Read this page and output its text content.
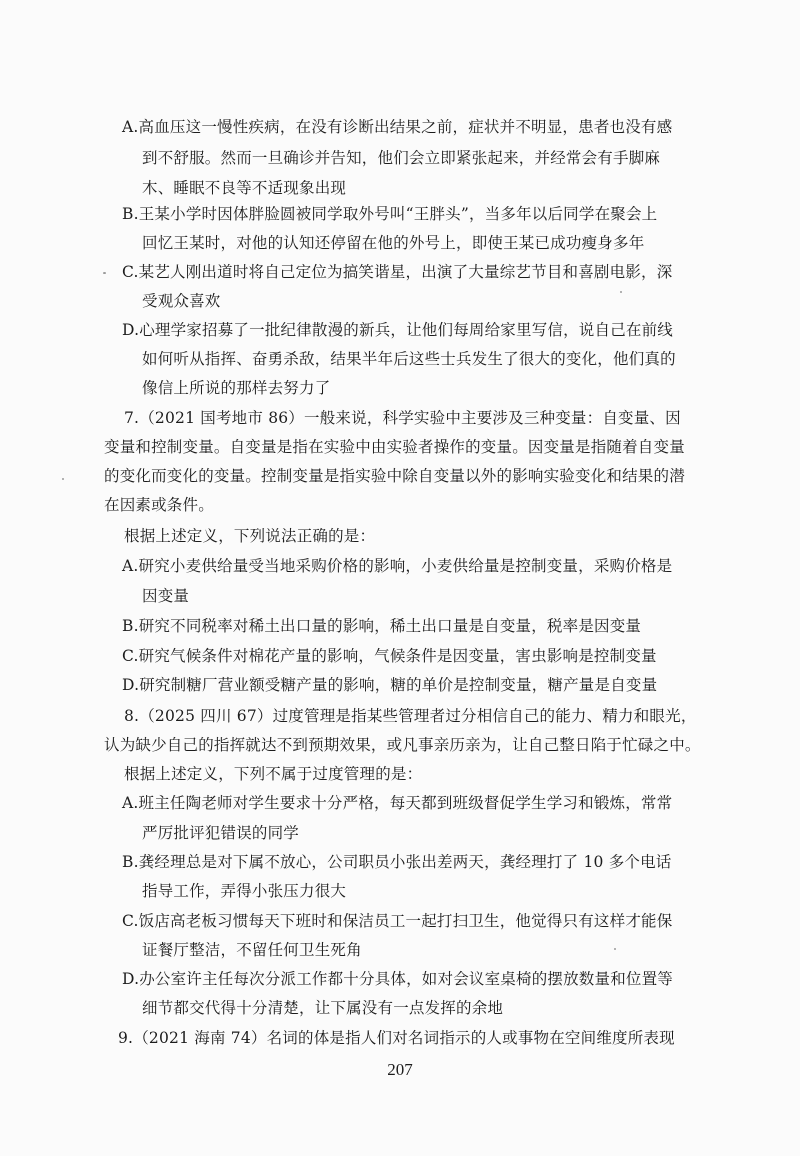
A.高血压这一慢性疾病，在没有诊断出结果之前，症状并不明显，患者也没有感
到不舒服。然而一旦确诊并告知，他们会立即紧张起来，并经常会有手脚麻
木、睡眠不良等不适现象出现
B.王某小学时因体胖脸圆被同学取外号叫“王胖头”，当多年以后同学在聚会上
回忆王某时，对他的认知还停留在他的外号上，即使王某已成功瘦身多年
C.某艺人刚出道时将自己定位为搞笑谐星，出演了大量综艺节目和喜剧电影，深
受观众喜欢
D.心理学家招募了一批纪律散漫的新兵，让他们每周给家里写信，说自己在前线
如何听从指挥、奋勇杀敌，结果半年后这些士兵发生了很大的变化，他们真的
像信上所说的那样去努力了
7.（2021 国考地市 86）一般来说，科学实验中主要涉及三种变量：自变量、因
变量和控制变量。自变量是指在实验中由实验者操作的变量。因变量是指随着自变量
的变化而变化的变量。控制变量是指实验中除自变量以外的影响实验变化和结果的潜
在因素或条件。
根据上述定义，下列说法正确的是：
A.研究小麦供给量受当地采购价格的影响，小麦供给量是控制变量，采购价格是
因变量
B.研究不同税率对稀土出口量的影响，稀土出口量是自变量，税率是因变量
C.研究气候条件对棉花产量的影响，气候条件是因变量，害虫影响是控制变量
D.研究制糖厂营业额受糖产量的影响，糖的单价是控制变量，糖产量是自变量
8.（2025 四川 67）过度管理是指某些管理者过分相信自己的能力、精力和眼光，
认为缺少自己的指挥就达不到预期效果，或凡事亲历亲为，让自己整日陷于忙碌之中。
根据上述定义，下列不属于过度管理的是：
A.班主任陶老师对学生要求十分严格，每天都到班级督促学生学习和锻炼，常常
严厉批评犯错误的同学
B.龚经理总是对下属不放心，公司职员小张出差两天，龚经理打了 10 多个电话
指导工作，弄得小张压力很大
C.饭店高老板习惯每天下班时和保洁员工一起打扫卫生，他觉得只有这样才能保
证餐厅整洁，不留任何卫生死角
D.办公室许主任每次分派工作都十分具体，如对会议室桌椅的摆放数量和位置等
细节都交代得十分清楚，让下属没有一点发挥的余地
9.（2021 海南 74）名词的体是指人们对名词指示的人或事物在空间维度所表现
207
